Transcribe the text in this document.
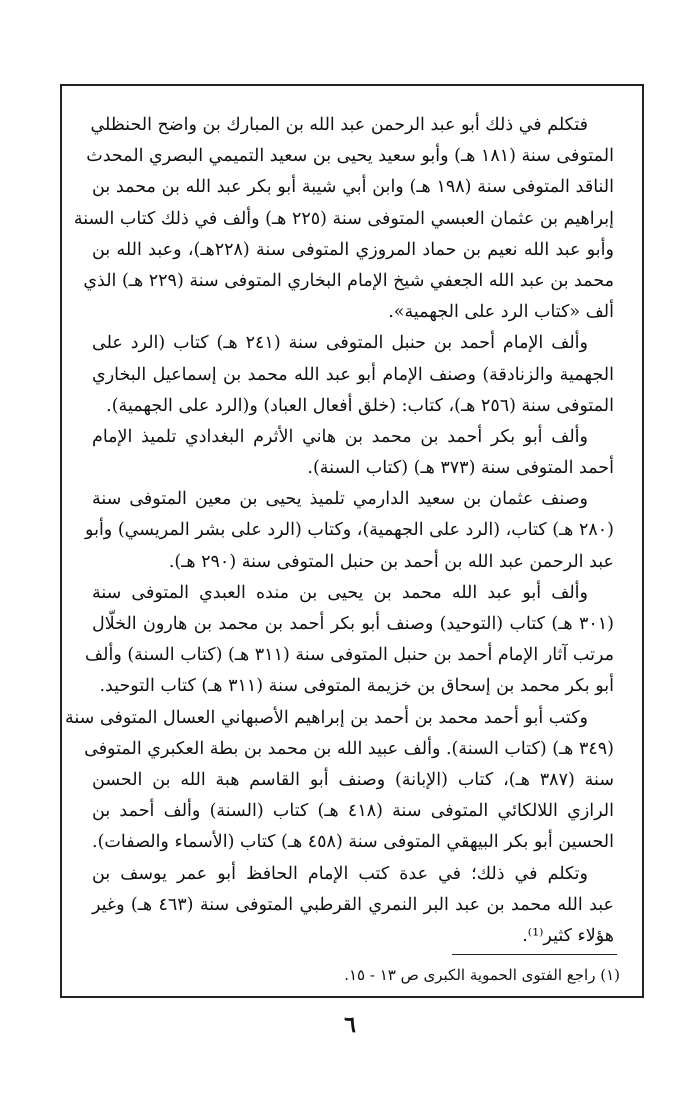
فتكلم في ذلك أبو عبد الرحمن عبد الله بن المبارك بن واضح الحنظلي
المتوفى سنة (١٨١ هـ) وأبو سعيد يحيى بن سعيد التميمي البصري المحدث
الناقد المتوفى سنة (١٩٨ هـ) وابن أبي شيبة أبو بكر عبد الله بن محمد بن
إبراهيم بن عثمان العبسي المتوفى سنة (٢٢٥ هـ) وألف في ذلك كتاب السنة
وأبو عبد الله نعيم بن حماد المروزي المتوفى سنة (٢٢٨هـ)، وعبد الله بن
محمد بن عبد الله الجعفي شيخ الإمام البخاري المتوفى سنة (٢٢٩ هـ) الذي
ألف «كتاب الرد على الجهمية».
وألف الإمام أحمد بن حنبل المتوفى سنة (٢٤١ هـ) كتاب (الرد على
الجهمية والزنادقة) وصنف الإمام أبو عبد الله محمد بن إسماعيل البخاري
المتوفى سنة (٢٥٦ هـ)، كتاب: (خلق أفعال العباد) و(الرد على الجهمية).
وألف أبو بكر أحمد بن محمد بن هاني الأثرم البغدادي تلميذ الإمام
أحمد المتوفى سنة (٣٧٣ هـ) (كتاب السنة).
وصنف عثمان بن سعيد الدارمي تلميذ يحيى بن معين المتوفى سنة
(٢٨٠ هـ) كتاب، (الرد على الجهمية)، وكتاب (الرد على بشر المريسي) وأبو
عبد الرحمن عبد الله بن أحمد بن حنبل المتوفى سنة (٢٩٠ هـ).
وألف أبو عبد الله محمد بن يحيى بن منده العبدي المتوفى سنة
(٣٠١ هـ) كتاب (التوحيد) وصنف أبو بكر أحمد بن محمد بن هارون الخلّال
مرتب آثار الإمام أحمد بن حنبل المتوفى سنة (٣١١ هـ) (كتاب السنة) وألف
أبو بكر محمد بن إسحاق بن خزيمة المتوفى سنة (٣١١ هـ) كتاب التوحيد.
وكتب أبو أحمد محمد بن أحمد بن إبراهيم الأصبهاني العسال المتوفى سنة
(٣٤٩ هـ) (كتاب السنة). وألف عبيد الله بن محمد بن بطة العكبري المتوفى
سنة (٣٨٧ هـ)، كتاب (الإبانة) وصنف أبو القاسم هبة الله بن الحسن
الرازي اللالكائي المتوفى سنة (٤١٨ هـ) كتاب (السنة) وألف أحمد بن
الحسين أبو بكر البيهقي المتوفى سنة (٤٥٨ هـ) كتاب (الأسماء والصفات).
وتكلم في ذلك؛ في عدة كتب الإمام الحافظ أبو عمر يوسف بن
عبد الله محمد بن عبد البر النمري القرطبي المتوفى سنة (٤٦٣ هـ) وغير
هؤلاء كثير⁽¹⁾.
(١) راجع الفتوى الحموية الكبرى ص ١٣ - ١٥.
٦
